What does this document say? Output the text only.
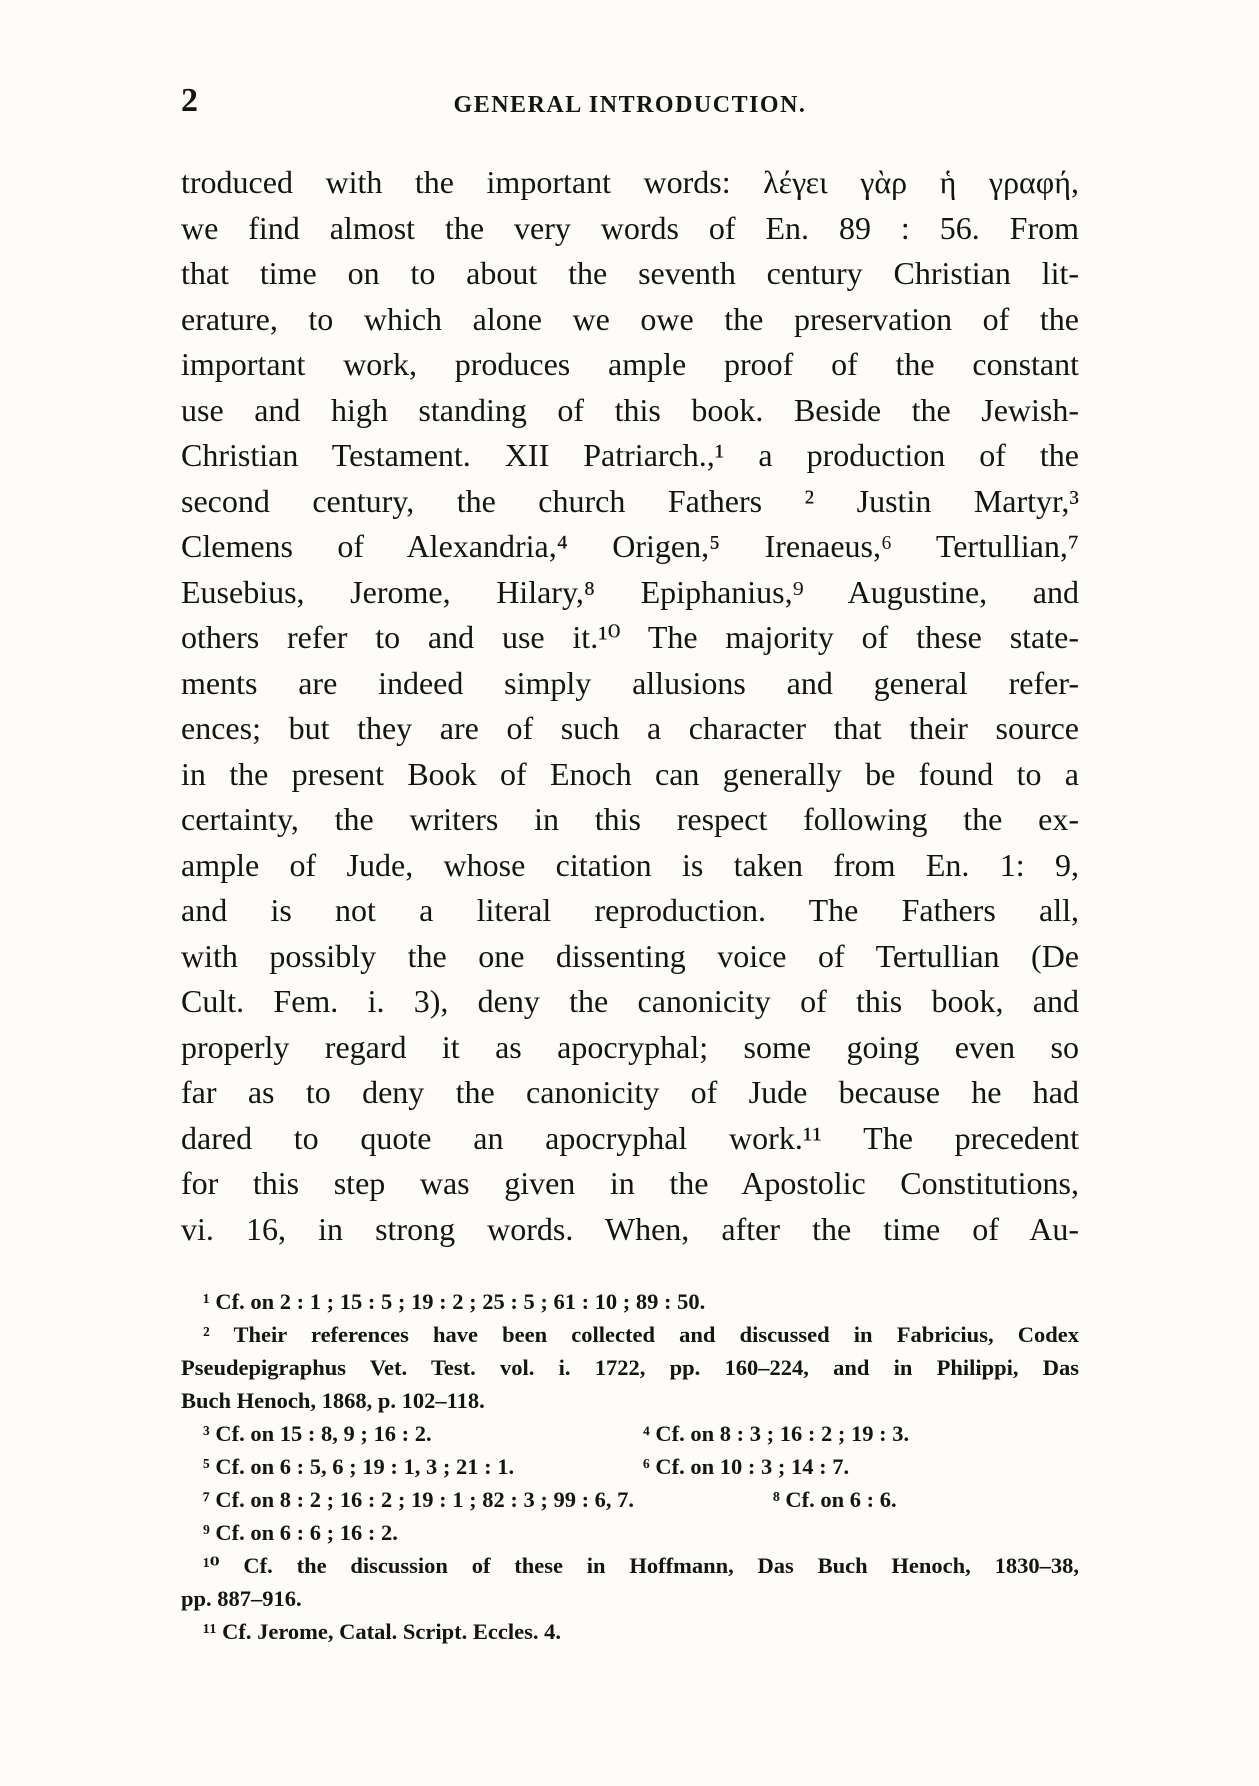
2	GENERAL INTRODUCTION.
troduced with the important words: λέγει γὰρ ἡ γραφή,
we find almost the very words of En. 89 : 56. From
that time on to about the seventh century Christian lit-
erature, to which alone we owe the preservation of the
important work, produces ample proof of the constant
use and high standing of this book. Beside the Jewish-
Christian Testament. XII Patriarch.,¹ a production of the
second century, the church Fathers ² Justin Martyr,³
Clemens of Alexandria,⁴ Origen,⁵ Irenaeus,⁶ Tertullian,⁷
Eusebius, Jerome, Hilary,⁸ Epiphanius,⁹ Augustine, and
others refer to and use it.¹⁰ The majority of these state-
ments are indeed simply allusions and general refer-
ences; but they are of such a character that their source
in the present Book of Enoch can generally be found to a
certainty, the writers in this respect following the ex-
ample of Jude, whose citation is taken from En. 1: 9,
and is not a literal reproduction. The Fathers all,
with possibly the one dissenting voice of Tertullian (De
Cult. Fem. i. 3), deny the canonicity of this book, and
properly regard it as apocryphal; some going even so
far as to deny the canonicity of Jude because he had
dared to quote an apocryphal work.¹¹ The precedent
for this step was given in the Apostolic Constitutions,
vi. 16, in strong words. When, after the time of Au-
¹ Cf. on 2 : 1 ; 15 : 5 ; 19 : 2 ; 25 : 5 ; 61 : 10 ; 89 : 50.
² Their references have been collected and discussed in Fabricius, Codex
Pseudepigraphus Vet. Test. vol. i. 1722, pp. 160–224, and in Philippi, Das
Buch Henoch, 1868, p. 102–118.
³ Cf. on 15 : 8, 9 ; 16 : 2.	⁴ Cf. on 8 : 3 ; 16 : 2 ; 19 : 3.
⁵ Cf. on 6 : 5, 6 ; 19 : 1, 3 ; 21 : 1.	⁶ Cf. on 10 : 3 ; 14 : 7.
⁷ Cf. on 8 : 2 ; 16 : 2 ; 19 : 1 ; 82 : 3 ; 99 : 6, 7.	⁸ Cf. on 6 : 6.
⁹ Cf. on 6 : 6 ; 16 : 2.
¹⁰ Cf. the discussion of these in Hoffmann, Das Buch Henoch, 1830–38,
pp. 887–916.
¹¹ Cf. Jerome, Catal. Script. Eccles. 4.
